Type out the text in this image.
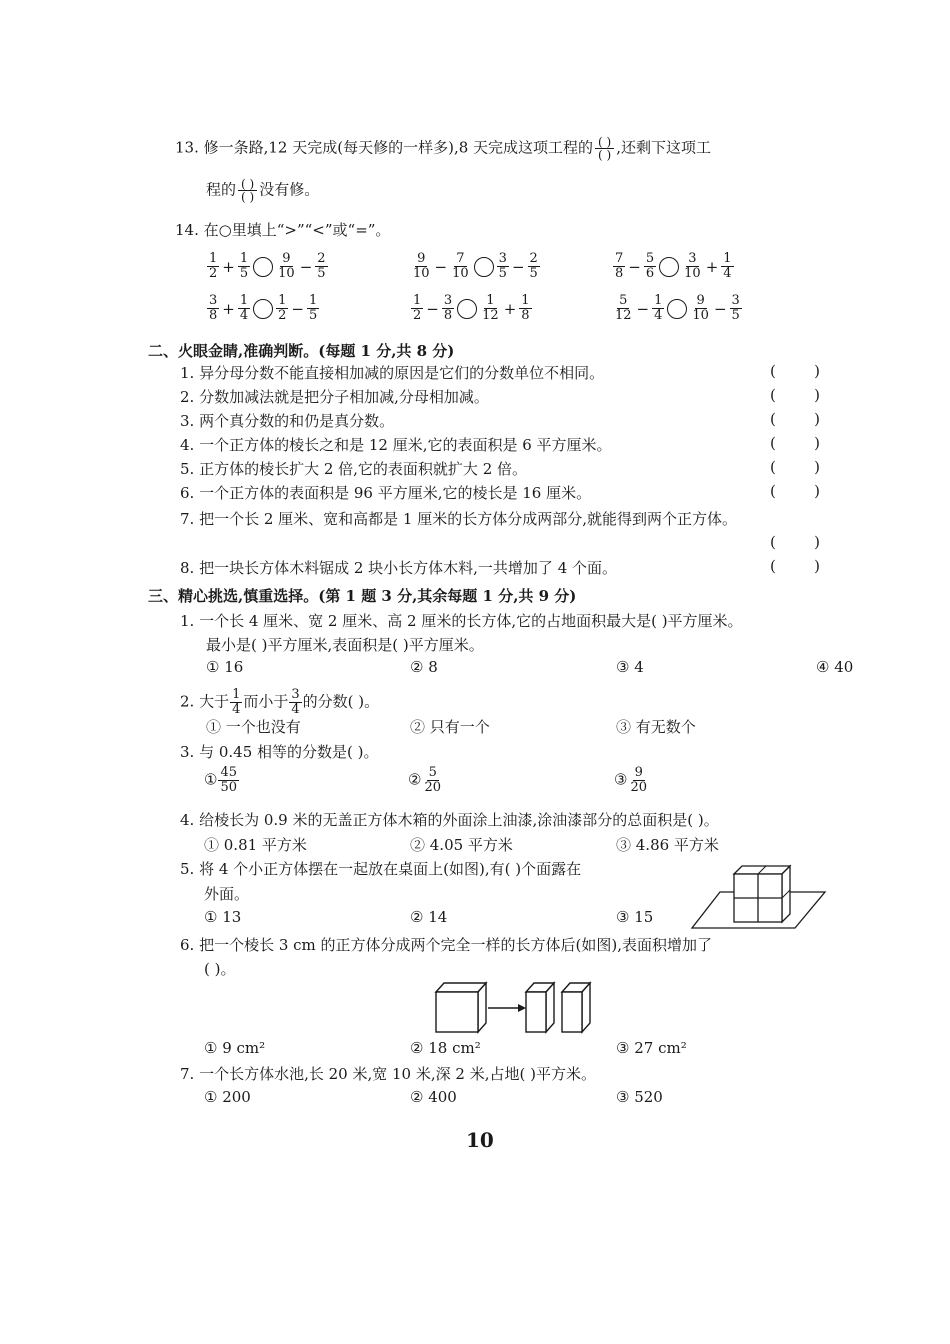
13. 修一条路,12 天完成(每天修的一样多),8 天完成这项工程的 $\frac{( )}{( )}$ ,还剩下这项工
程的 $\frac{( )}{( )}$ 没有修。
14. 在○里填上“>”“<”或“=”。
$\frac{1}{2} + \frac{1}{5} \frac{9}{10} - \frac{2}{5}$	$\frac{9}{10} - \frac{7}{10} \frac{3}{5} - \frac{2}{5}$	$\frac{7}{8} - \frac{5}{6} \frac{3}{10} + \frac{1}{4}$
$\frac{3}{8} + \frac{1}{4} \frac{1}{2} - \frac{1}{5}$	$\frac{1}{2} - \frac{3}{8} \frac{1}{12} + \frac{1}{8}$	$\frac{5}{12} - \frac{1}{4} \frac{9}{10} - \frac{3}{5}$
二、火眼金睛,准确判断。(每题 1 分,共 8 分)
1. 异分母分数不能直接相加减的原因是它们的分数单位不相同。	(	)
2. 分数加减法就是把分子相加减,分母相加减。	(	)
3. 两个真分数的和仍是真分数。	(	)
4. 一个正方体的棱长之和是 12 厘米,它的表面积是 6 平方厘米。	(	)
5. 正方体的棱长扩大 2 倍,它的表面积就扩大 2 倍。	(	)
6. 一个正方体的表面积是 96 平方厘米,它的棱长是 16 厘米。	(	)
7. 把一个长 2 厘米、宽和高都是 1 厘米的长方体分成两部分,就能得到两个正方体。
(	)
8. 把一块长方体木料锯成 2 块小长方体木料,一共增加了 4 个面。	(	)
三、精心挑选,慎重选择。(第 1 题 3 分,其余每题 1 分,共 9 分)
1. 一个长 4 厘米、宽 2 厘米、高 2 厘米的长方体,它的占地面积最大是( )平方厘米。
最小是( )平方厘米,表面积是( )平方厘米。
① 16	② 8	③ 4	④ 40
2. 大于 $\frac{1}{4}$ 而小于 $\frac{3}{4}$ 的分数( )。
① 一个也没有	② 只有一个	③ 有无数个
3. 与 0.45 相等的分数是( )。
① $\frac{45}{50}$	② $\frac{5}{20}$	③ $\frac{9}{20}$
4. 给棱长为 0.9 米的无盖正方体木箱的外面涂上油漆,涂油漆部分的总面积是( )。
① 0.81 平方米	② 4.05 平方米	③ 4.86 平方米
5. 将 4 个小正方体摆在一起放在桌面上(如图),有( )个面露在
外面。
① 13	② 14	③ 15
6. 把一个棱长 3 cm 的正方体分成两个完全一样的长方体后(如图),表面积增加了
( )。
① 9 cm²	② 18 cm²	③ 27 cm²
7. 一个长方体水池,长 20 米,宽 10 米,深 2 米,占地( )平方米。
① 200	② 400	③ 520
10
